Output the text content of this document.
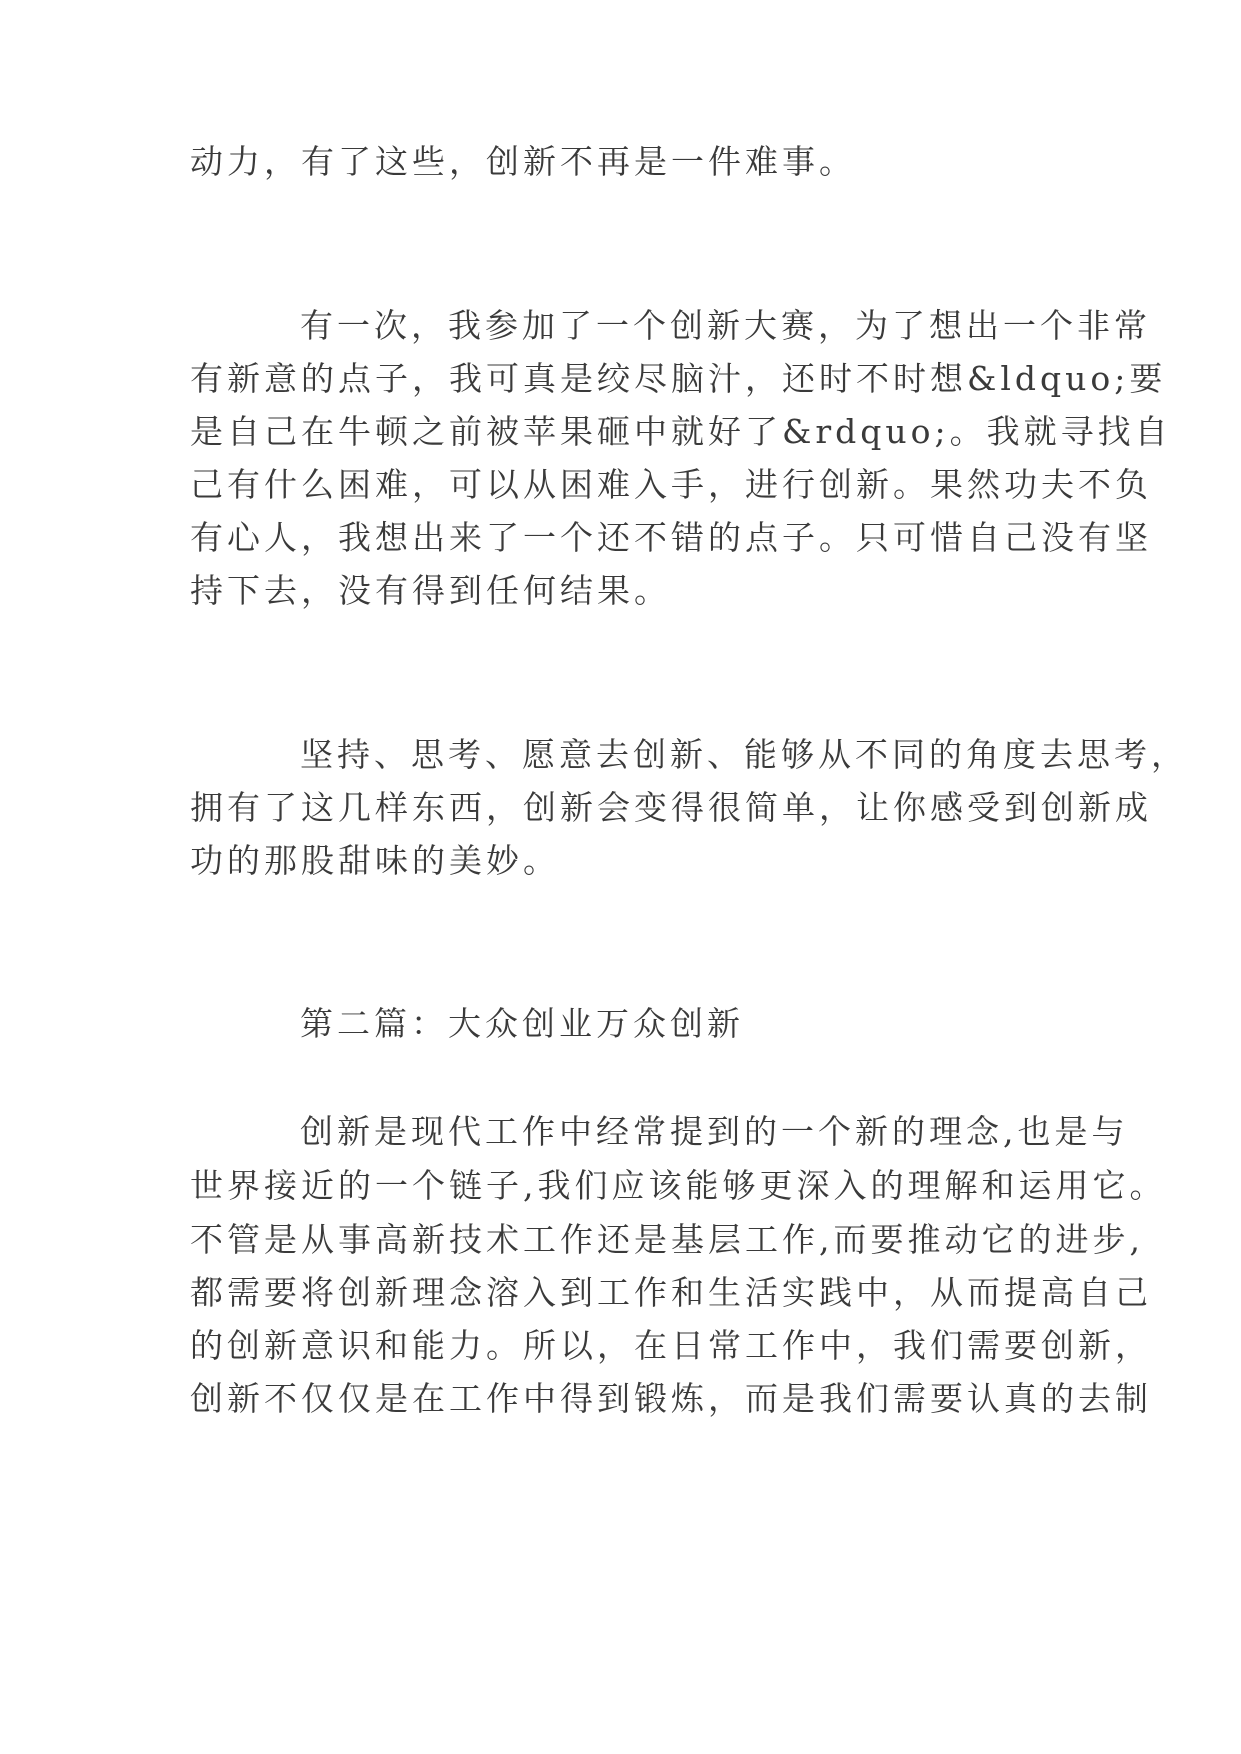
动力，有了这些，创新不再是一件难事。
有一次，我参加了一个创新大赛，为了想出一个非常
有新意的点子，我可真是绞尽脑汁，还时不时想&ldquo;要
是自己在牛顿之前被苹果砸中就好了&rdquo;。我就寻找自
己有什么困难，可以从困难入手，进行创新。果然功夫不负
有心人，我想出来了一个还不错的点子。只可惜自己没有坚
持下去，没有得到任何结果。
坚持、思考、愿意去创新、能够从不同的角度去思考，
拥有了这几样东西，创新会变得很简单，让你感受到创新成
功的那股甜味的美妙。
第二篇：大众创业万众创新
创新是现代工作中经常提到的一个新的理念,也是与
世界接近的一个链子,我们应该能够更深入的理解和运用它。
不管是从事高新技术工作还是基层工作,而要推动它的进步,
都需要将创新理念溶入到工作和生活实践中，从而提高自己
的创新意识和能力。所以，在日常工作中，我们需要创新，
创新不仅仅是在工作中得到锻炼，而是我们需要认真的去制
